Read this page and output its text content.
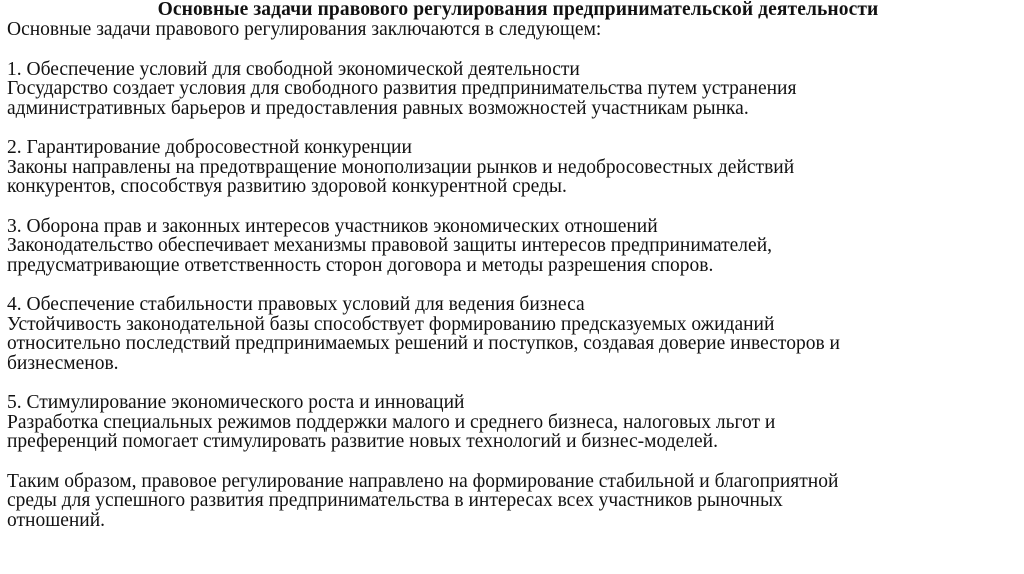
Основные задачи правового регулирования предпринимательской деятельности

Основные задачи правового регулирования заключаются в следующем:

1. Обеспечение условий для свободной экономической деятельности
Государство создает условия для свободного развития предпринимательства путем устранения
административных барьеров и предоставления равных возможностей участникам рынка.
2. Гарантирование добросовестной конкуренции
Законы направлены на предотвращение монополизации рынков и недобросовестных действий
конкурентов, способствуя развитию здоровой конкурентной среды.
3. Оборона прав и законных интересов участников экономических отношений
Законодательство обеспечивает механизмы правовой защиты интересов предпринимателей,
предусматривающие ответственность сторон договора и методы разрешения споров.
4. Обеспечение стабильности правовых условий для ведения бизнеса
Устойчивость законодательной базы способствует формированию предсказуемых ожиданий
относительно последствий предпринимаемых решений и поступков, создавая доверие инвесторов и
бизнесменов.
5. Стимулирование экономического роста и инноваций
Разработка специальных режимов поддержки малого и среднего бизнеса, налоговых льгот и
преференций помогает стимулировать развитие новых технологий и бизнес-моделей.
Таким образом, правовое регулирование направлено на формирование стабильной и благоприятной
среды для успешного развития предпринимательства в интересах всех участников рыночных
отношений.
